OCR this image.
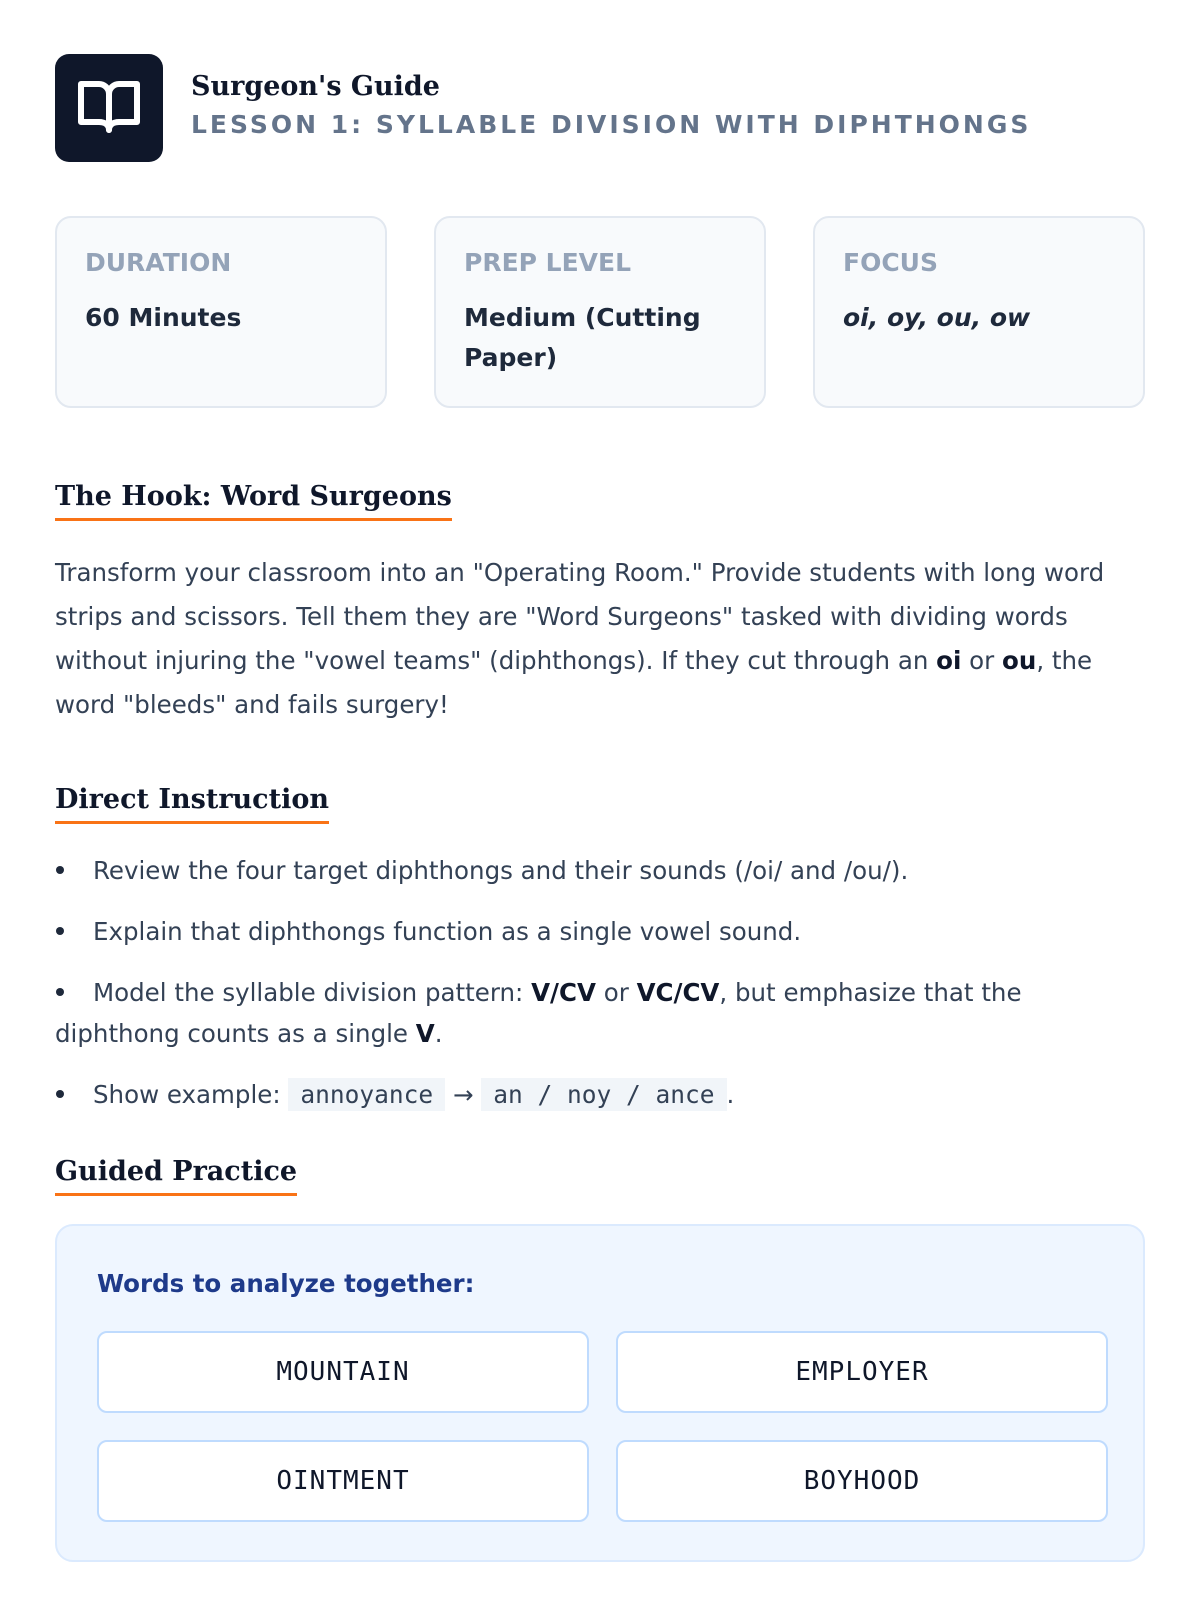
Surgeon's Guide
LESSON 1: SYLLABLE DIVISION WITH DIPHTHONGS
DURATION
60 Minutes
PREP LEVEL
Medium (Cutting Paper)
FOCUS
oi, oy, ou, ow
The Hook: Word Surgeons
Transform your classroom into an "Operating Room." Provide students with long word strips and scissors. Tell them they are "Word Surgeons" tasked with dividing words without injuring the "vowel teams" (diphthongs). If they cut through an oi or ou, the word "bleeds" and fails surgery!
Direct Instruction
Review the four target diphthongs and their sounds (/oi/ and /ou/).
Explain that diphthongs function as a single vowel sound.
Model the syllable division pattern: V/CV or VC/CV, but emphasize that the diphthong counts as a single V.
Show example: annoyance → an / noy / ance .
Guided Practice
Words to analyze together:
MOUNTAIN	EMPLOYER
OINTMENT	BOYHOOD
